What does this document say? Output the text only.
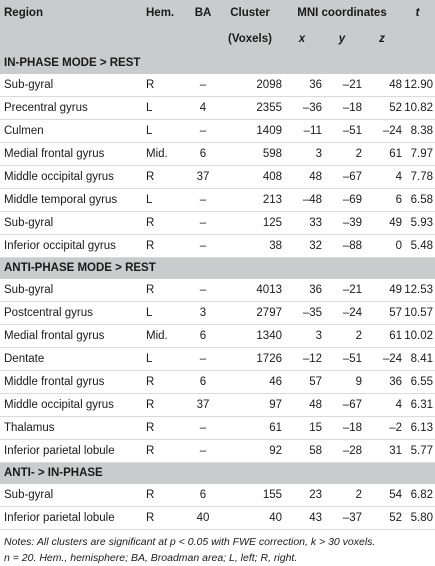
Region	Hem.	BA	Cluster	MNI coordinates			t
			(Voxels)	x	y	z	
IN-PHASE MODE > REST							
Sub-gyral	R	–	2098	36	–21	48	12.90
Precentral gyrus	L	4	2355	–36	–18	52	10.82
Culmen	L	–	1409	–11	–51	–24	8.38
Medial frontal gyrus	Mid.	6	598	3	2	61	7.97
Middle occipital gyrus	R	37	408	48	–67	4	7.78
Middle temporal gyrus	L	–	213	–48	–69	6	6.58
Sub-gyral	R	–	125	33	–39	49	5.93
Inferior occipital gyrus	R	–	38	32	–88	0	5.48
ANTI-PHASE MODE > REST							
Sub-gyral	R	–	4013	36	–21	49	12.53
Postcentral gyrus	L	3	2797	–35	–24	57	10.57
Medial frontal gyrus	Mid.	6	1340	3	2	61	10.02
Dentate	L	–	1726	–12	–51	–24	8.41
Middle frontal gyrus	R	6	46	57	9	36	6.55
Middle occipital gyrus	R	37	97	48	–67	4	6.31
Thalamus	R	–	61	15	–18	–2	6.13
Inferior parietal lobule	R	–	92	58	–28	31	5.77
ANTI- > IN-PHASE							
Sub-gyral	R	6	155	23	2	54	6.82
Inferior parietal lobule	R	40	40	43	–37	52	5.80
Notes: All clusters are significant at p < 0.05 with FWE correction, k > 30 voxels.
n = 20. Hem., hemisphere; BA, Broadman area; L, left; R, right.
